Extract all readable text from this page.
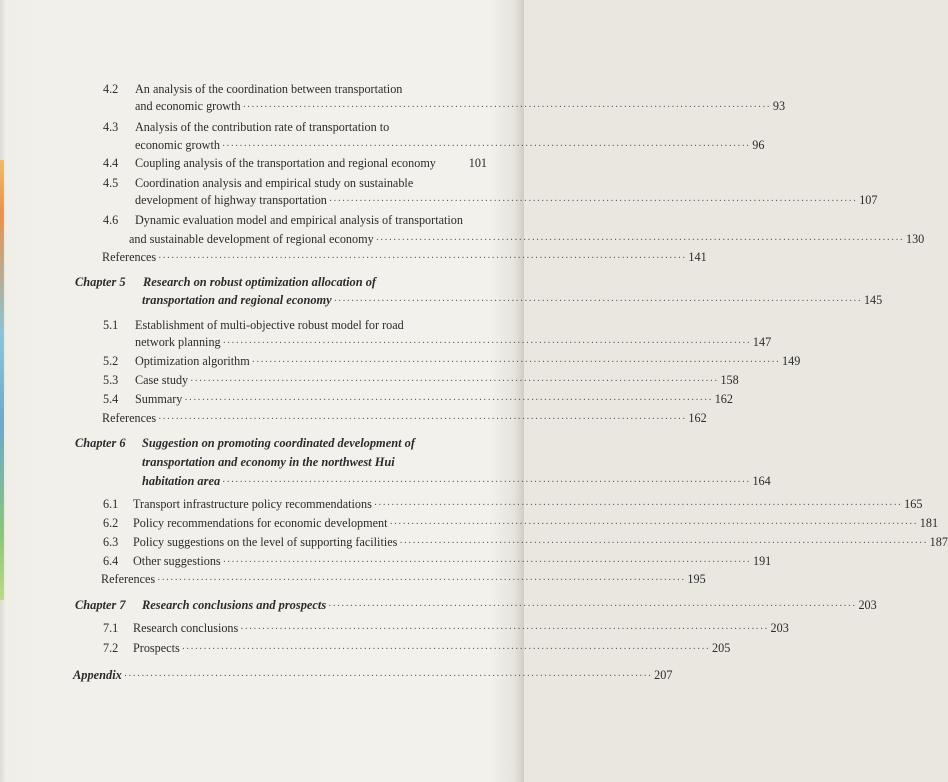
4.2 An analysis of the coordination between transportation
and economic growth ·························································································································· 93
4.3 Analysis of the contribution rate of transportation to
economic growth ·························································································································· 96
4.4 Coupling analysis of the transportation and regional economy	101
4.5 Coordination analysis and empirical study on sustainable
development of highway transportation ·························································································································· 107
4.6 Dynamic evaluation model and empirical analysis of transportation
and sustainable development of regional economy ·························································································································· 130
References ·························································································································· 141
Chapter 5 Research on robust optimization allocation of
transportation and regional economy ·························································································································· 145
5.1 Establishment of multi-objective robust model for road
network planning ·························································································································· 147
5.2 Optimization algorithm ·························································································································· 149
5.3 Case study ·························································································································· 158
5.4 Summary ·························································································································· 162
References ·························································································································· 162
Chapter 6 Suggestion on promoting coordinated development of
transportation and economy in the northwest Hui
habitation area ·························································································································· 164
6.1 Transport infrastructure policy recommendations ·························································································································· 165
6.2 Policy recommendations for economic development ·························································································································· 181
6.3 Policy suggestions on the level of supporting facilities ·························································································································· 187
6.4 Other suggestions ·························································································································· 191
References ·························································································································· 195
Chapter 7 Research conclusions and prospects ·························································································································· 203
7.1 Research conclusions ·························································································································· 203
7.2 Prospects ·························································································································· 205
Appendix ·························································································································· 207
